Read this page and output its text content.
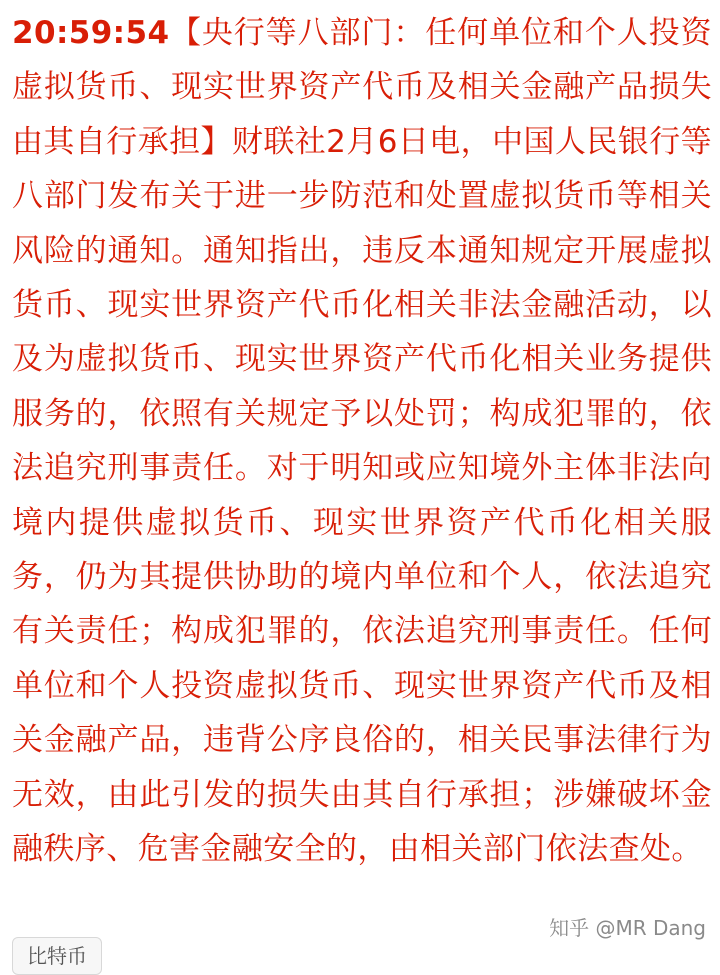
20:59:54【央行等八部门：任何单位和个人投资虚拟货币、现实世界资产代币及相关金融产品损失由其自行承担】财联社2月6日电，中国人民银行等八部门发布关于进一步防范和处置虚拟货币等相关风险的通知。通知指出，违反本通知规定开展虚拟货币、现实世界资产代币化相关非法金融活动，以及为虚拟货币、现实世界资产代币化相关业务提供服务的，依照有关规定予以处罚；构成犯罪的，依法追究刑事责任。对于明知或应知境外主体非法向境内提供虚拟货币、现实世界资产代币化相关服务，仍为其提供协助的境内单位和个人，依法追究有关责任；构成犯罪的，依法追究刑事责任。任何单位和个人投资虚拟货币、现实世界资产代币及相关金融产品，违背公序良俗的，相关民事法律行为无效，由此引发的损失由其自行承担；涉嫌破坏金融秩序、危害金融安全的，由相关部门依法查处。

知乎 @MR Dang
比特币
